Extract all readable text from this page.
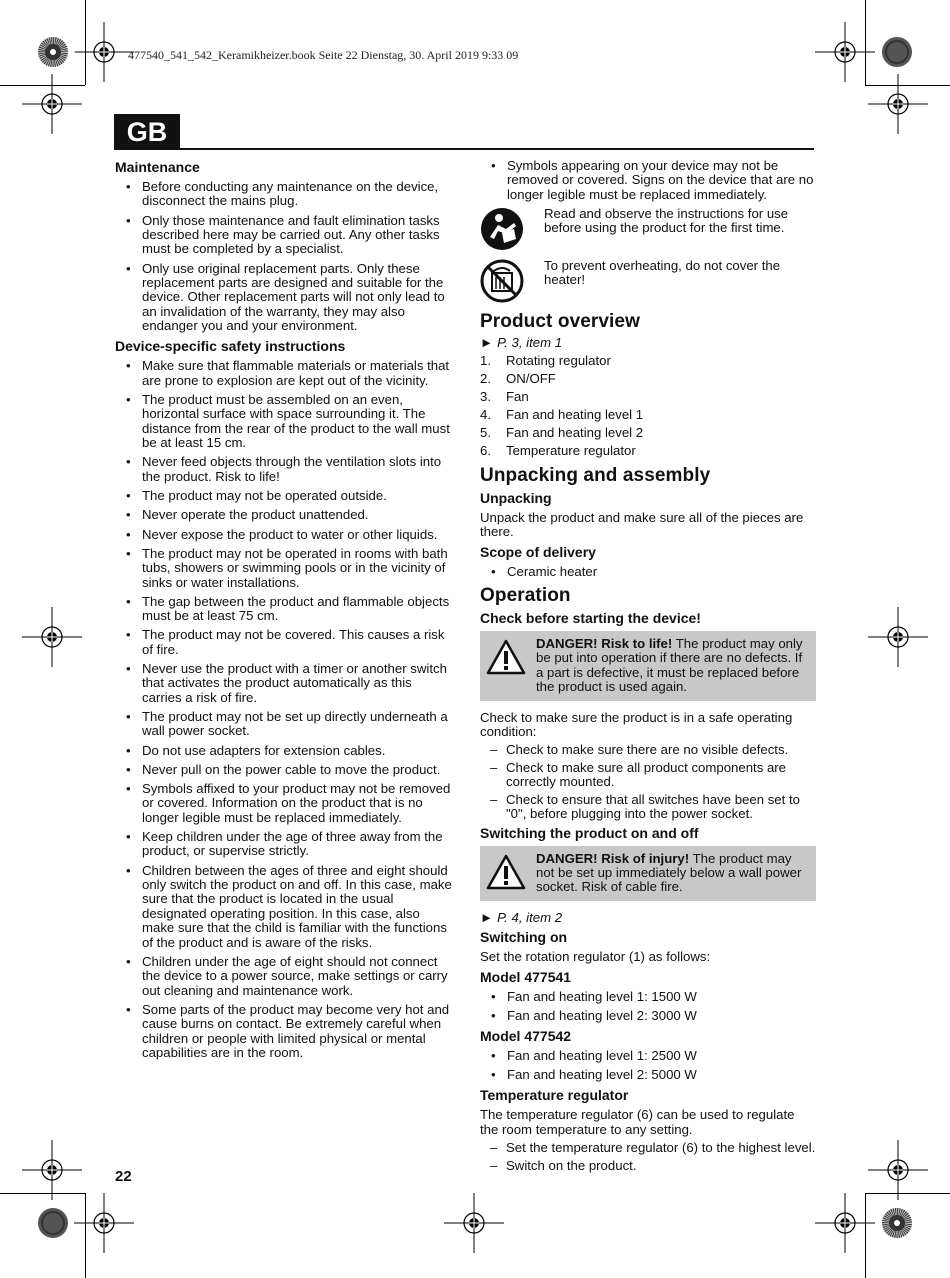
477540_541_542_Keramikheizer.book Seite 22 Dienstag, 30. April 2019 9:33 09
GB
Maintenance
• Before conducting any maintenance on the device, disconnect the mains plug.
• Only those maintenance and fault elimination tasks described here may be carried out. Any other tasks must be completed by a specialist.
• Only use original replacement parts. Only these replacement parts are designed and suitable for the device. Other replacement parts will not only lead to an invalidation of the warranty, they may also endanger you and your environment.
Device-specific safety instructions
• Make sure that flammable materials or materials that are prone to explosion are kept out of the vicinity.
• The product must be assembled on an even, horizontal surface with space surrounding it. The distance from the rear of the product to the wall must be at least 15 cm.
• Never feed objects through the ventilation slots into the product. Risk to life!
• The product may not be operated outside.
• Never operate the product unattended.
• Never expose the product to water or other liquids.
• The product may not be operated in rooms with bath tubs, showers or swimming pools or in the vicinity of sinks or water installations.
• The gap between the product and flammable objects must be at least 75 cm.
• The product may not be covered. This causes a risk of fire.
• Never use the product with a timer or another switch that activates the product automatically as this carries a risk of fire.
• The product may not be set up directly underneath a wall power socket.
• Do not use adapters for extension cables.
• Never pull on the power cable to move the product.
• Symbols affixed to your product may not be removed or covered. Information on the product that is no longer legible must be replaced immediately.
• Keep children under the age of three away from the product, or supervise strictly.
• Children between the ages of three and eight should only switch the product on and off. In this case, make sure that the product is located in the usual designated operating position. In this case, also make sure that the child is familiar with the functions of the product and is aware of the risks.
• Children under the age of eight should not connect the device to a power source, make settings or carry out cleaning and maintenance work.
• Some parts of the product may become very hot and cause burns on contact. Be extremely careful when children or people with limited physical or mental capabilities are in the room.
• Symbols appearing on your device may not be removed or covered. Signs on the device that are no longer legible must be replaced immediately.
Read and observe the instructions for use before using the product for the first time.
To prevent overheating, do not cover the heater!
Product overview
► P. 3, item 1
1.	Rotating regulator
2.	ON/OFF
3.	Fan
4.	Fan and heating level 1
5.	Fan and heating level 2
6.	Temperature regulator
Unpacking and assembly
Unpacking

Unpack the product and make sure all of the pieces are there.

Scope of delivery
• Ceramic heater
Operation
Check before starting the device!
DANGER! Risk to life! The product may only be put into operation if there are no defects. If a part is defective, it must be replaced before the product is used again.

Check to make sure the product is in a safe operating condition:

– Check to make sure there are no visible defects.
– Check to make sure all product components are correctly mounted.
– Check to ensure that all switches have been set to "0", before plugging into the power socket.
Switching the product on and off
DANGER! Risk of injury! The product may not be set up immediately below a wall power socket. Risk of cable fire.
► P. 4, item 2
Switching on

Set the rotation regulator (1) as follows:

Model 477541
• Fan and heating level 1: 1500 W
• Fan and heating level 2: 3000 W
Model 477542
• Fan and heating level 1: 2500 W
• Fan and heating level 2: 5000 W
Temperature regulator

The temperature regulator (6) can be used to regulate the room temperature to any setting.

– Set the temperature regulator (6) to the highest level.
– Switch on the product.
22
